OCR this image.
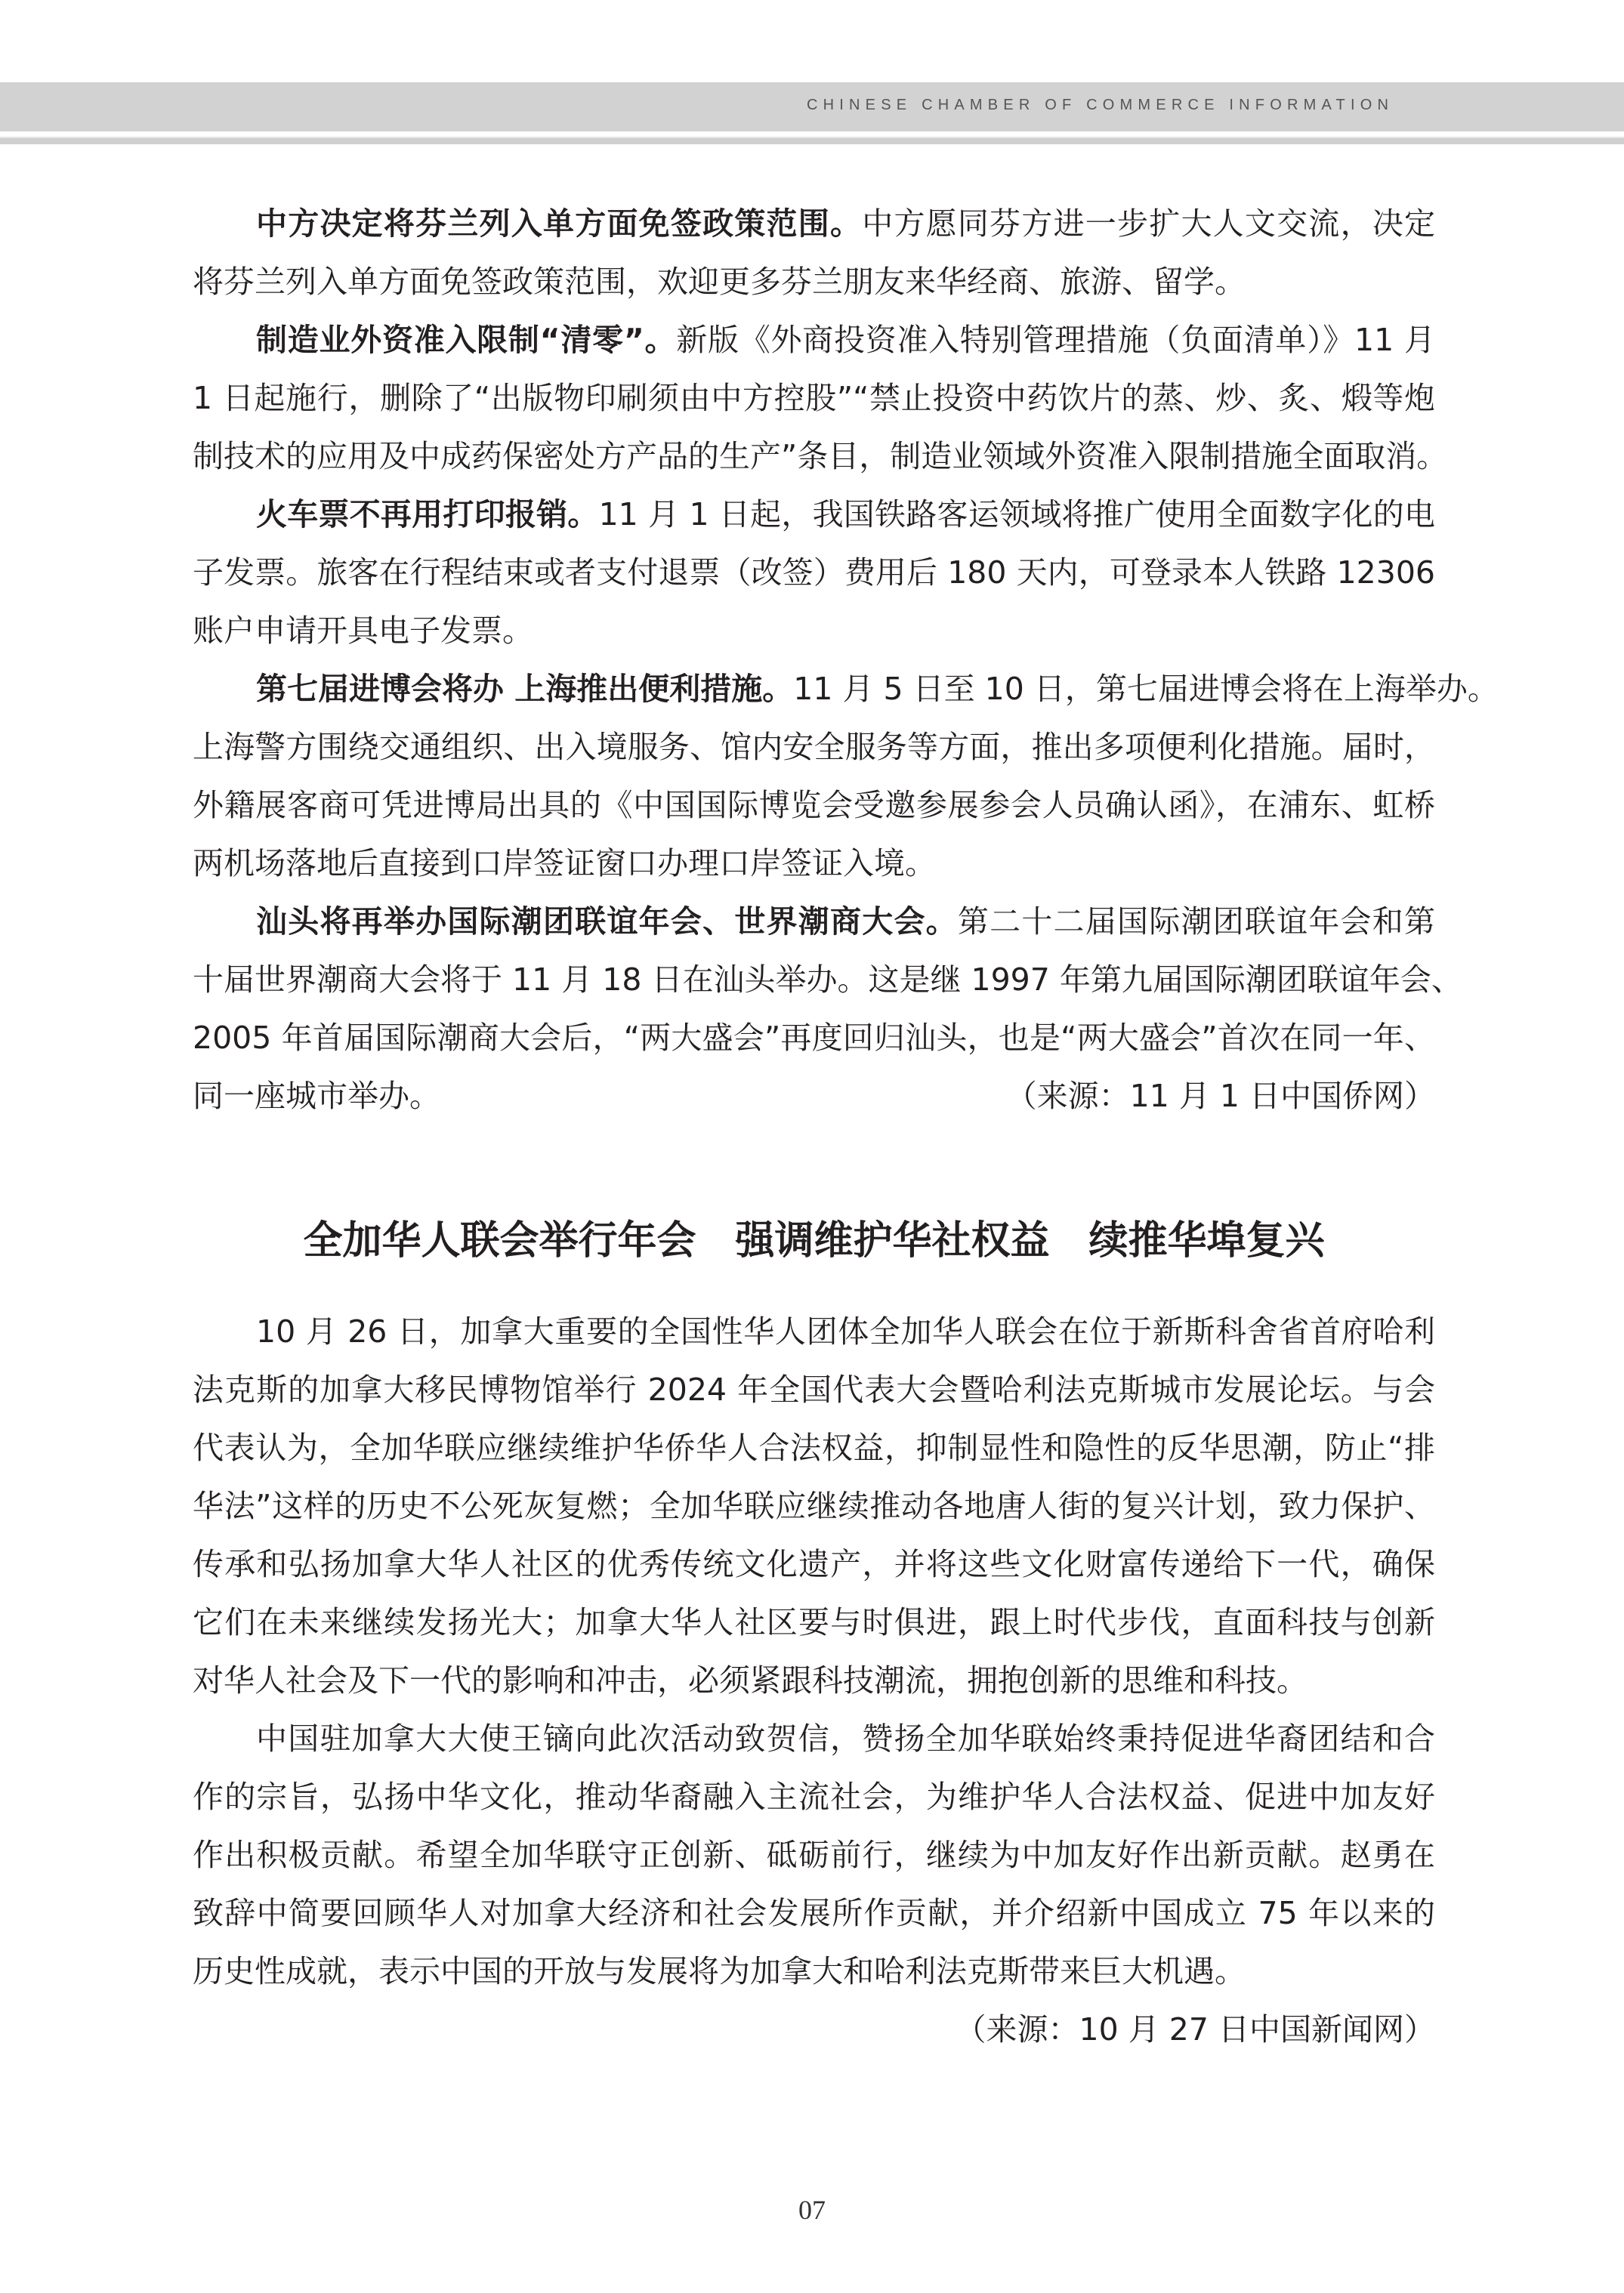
CHINESE CHAMBER OF COMMERCE INFORMATION
中方决定将芬兰列入单方面免签政策范围。中方愿同芬方进一步扩大人文交流，决定
将芬兰列入单方面免签政策范围，欢迎更多芬兰朋友来华经商、旅游、留学。
制造业外资准入限制“清零”。新版《外商投资准入特别管理措施（负面清单）》11 月
1 日起施行，删除了“出版物印刷须由中方控股”“禁止投资中药饮片的蒸、炒、炙、煅等炮
制技术的应用及中成药保密处方产品的生产”条目，制造业领域外资准入限制措施全面取消。
火车票不再用打印报销。11 月 1 日起，我国铁路客运领域将推广使用全面数字化的电
子发票。旅客在行程结束或者支付退票（改签）费用后 180 天内，可登录本人铁路 12306
账户申请开具电子发票。
第七届进博会将办 上海推出便利措施。11 月 5 日至 10 日，第七届进博会将在上海举办。
上海警方围绕交通组织、出入境服务、馆内安全服务等方面，推出多项便利化措施。届时，
外籍展客商可凭进博局出具的《中国国际博览会受邀参展参会人员确认函》，在浦东、虹桥
两机场落地后直接到口岸签证窗口办理口岸签证入境。
汕头将再举办国际潮团联谊年会、世界潮商大会。第二十二届国际潮团联谊年会和第
十届世界潮商大会将于 11 月 18 日在汕头举办。这是继 1997 年第九届国际潮团联谊年会、
2005 年首届国际潮商大会后，“两大盛会”再度回归汕头，也是“两大盛会”首次在同一年、
（来源：11 月 1 日中国侨网）
同一座城市举办。
全加华人联会举行年会　强调维护华社权益　续推华埠复兴
10 月 26 日，加拿大重要的全国性华人团体全加华人联会在位于新斯科舍省首府哈利
法克斯的加拿大移民博物馆举行 2024 年全国代表大会暨哈利法克斯城市发展论坛。与会
代表认为，全加华联应继续维护华侨华人合法权益，抑制显性和隐性的反华思潮，防止“排
华法”这样的历史不公死灰复燃；全加华联应继续推动各地唐人街的复兴计划，致力保护、
传承和弘扬加拿大华人社区的优秀传统文化遗产，并将这些文化财富传递给下一代，确保
它们在未来继续发扬光大；加拿大华人社区要与时俱进，跟上时代步伐，直面科技与创新
对华人社会及下一代的影响和冲击，必须紧跟科技潮流，拥抱创新的思维和科技。
中国驻加拿大大使王镝向此次活动致贺信，赞扬全加华联始终秉持促进华裔团结和合
作的宗旨，弘扬中华文化，推动华裔融入主流社会，为维护华人合法权益、促进中加友好
作出积极贡献。希望全加华联守正创新、砥砺前行，继续为中加友好作出新贡献。赵勇在
致辞中简要回顾华人对加拿大经济和社会发展所作贡献，并介绍新中国成立 75 年以来的
历史性成就，表示中国的开放与发展将为加拿大和哈利法克斯带来巨大机遇。
（来源：10 月 27 日中国新闻网）
07
